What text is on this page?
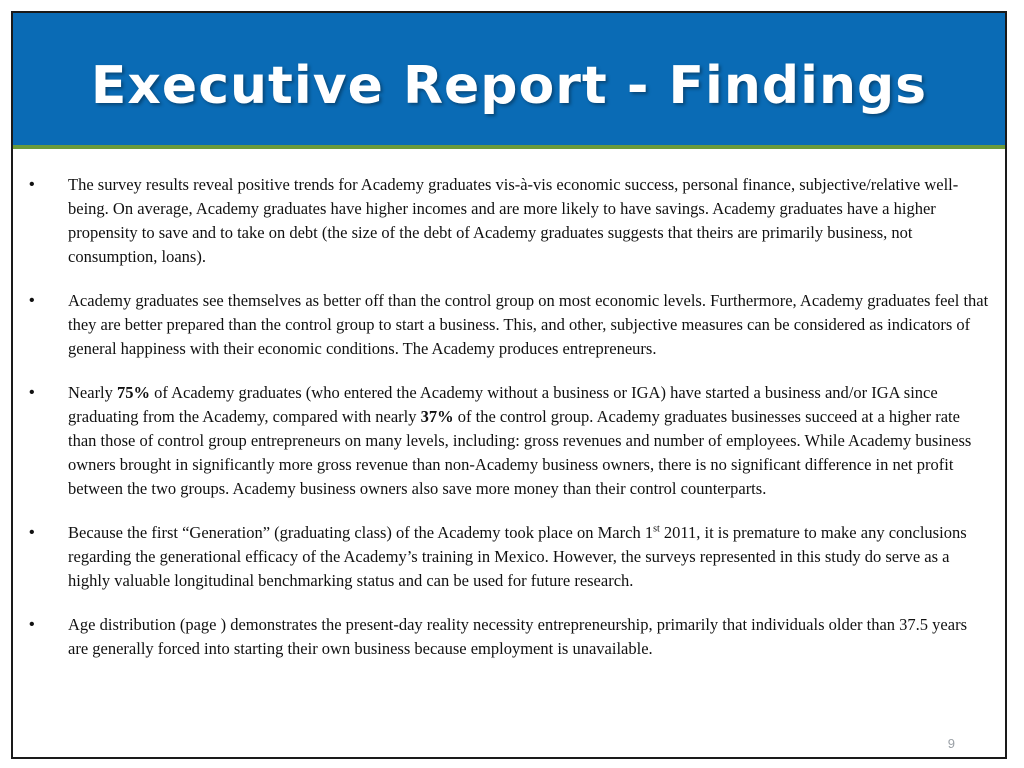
Executive Report - Findings
• The survey results reveal positive trends for Academy graduates vis-à-vis economic success, personal finance, subjective/relative well-being. On average, Academy graduates have higher incomes and are more likely to have savings. Academy graduates have a higher propensity to save and to take on debt (the size of the debt of Academy graduates suggests that theirs are primarily business, not consumption, loans).
• Academy graduates see themselves as better off than the control group on most economic levels. Furthermore, Academy graduates feel that they are better prepared than the control group to start a business. This, and other, subjective measures can be considered as indicators of general happiness with their economic conditions. The Academy produces entrepreneurs.
• Nearly 75% of Academy graduates (who entered the Academy without a business or IGA) have started a business and/or IGA since graduating from the Academy, compared with nearly 37% of the control group. Academy graduates businesses succeed at a higher rate than those of control group entrepreneurs on many levels, including: gross revenues and number of employees. While Academy business owners brought in significantly more gross revenue than non-Academy business owners, there is no significant difference in net profit between the two groups. Academy business owners also save more money than their control counterparts.
• Because the first “Generation” (graduating class) of the Academy took place on March 1st 2011, it is premature to make any conclusions regarding the generational efficacy of the Academy’s training in Mexico. However, the surveys represented in this study do serve as a highly valuable longitudinal benchmarking status and can be used for future research.
• Age distribution (page ) demonstrates the present-day reality necessity entrepreneurship, primarily that individuals older than 37.5 years are generally forced into starting their own business because employment is unavailable.
9
